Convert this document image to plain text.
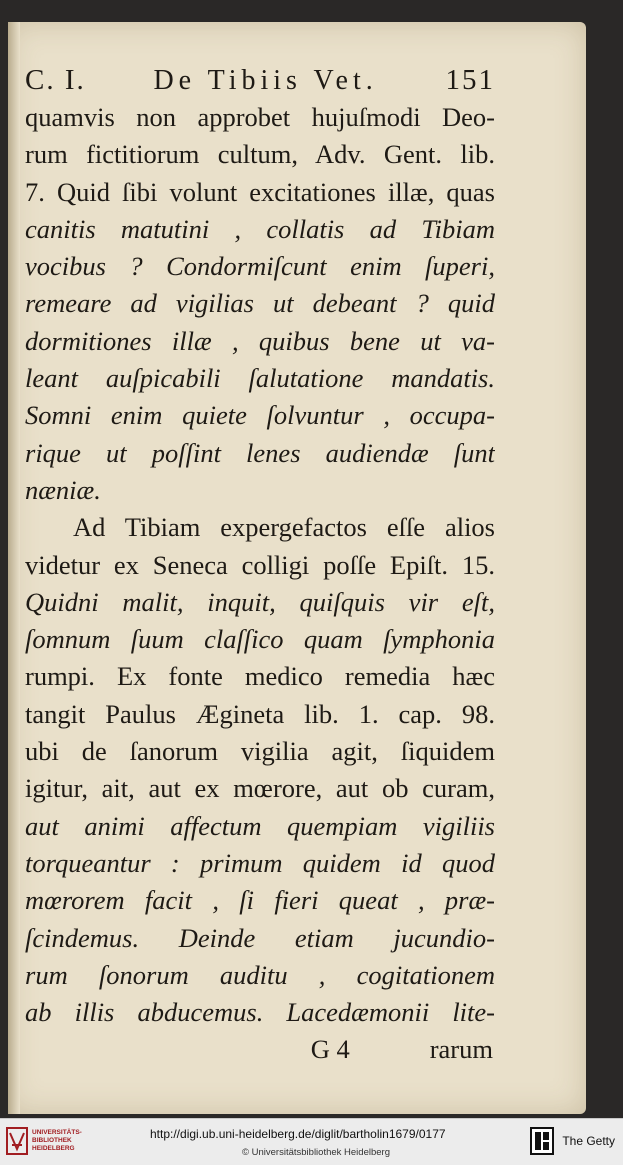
C. I. De Tibiis Vet. 151
quamvis non approbet hujuſmodi Deo-
rum fictitiorum cultum, Adv. Gent. lib.
7. Quid ſibi volunt excitationes illæ, quas
canitis matutini , collatis ad Tibiam
vocibus ? Condormiſcunt enim ſuperi,
remeare ad vigilias ut debeant ? quid
dormitiones illæ , quibus bene ut va-
leant auſpicabili ſalutatione mandatis.
Somni enim quiete ſolvuntur , occupa-
rique ut poſſint lenes audiendæ ſunt
næniæ.
Ad Tibiam expergefactos eſſe alios
videtur ex Seneca colligi poſſe Epiſt. 15.
Quidni malit, inquit, quiſquis vir eſt,
ſomnum ſuum claſſico quam ſymphonia
rumpi. Ex fonte medico remedia hæc
tangit Paulus Ægineta lib. 1. cap. 98.
ubi de ſanorum vigilia agit, ſiquidem
igitur, ait, aut ex mœrore, aut ob curam,
aut animi affectum quempiam vigiliis
torqueantur : primum quidem id quod
mœrorem facit , ſi fieri queat , præ-
ſcindemus. Deinde etiam jucundio-
rum ſonorum auditu , cogitationem
ab illis abducemus. Lacedæmonii lite-
G 4	rarum
UNIVERSITÄTS-
BIBLIOTHEK
HEIDELBERG
http://digi.ub.uni-heidelberg.de/diglit/bartholin1679/0177
© Universitätsbibliothek Heidelberg
The Getty
